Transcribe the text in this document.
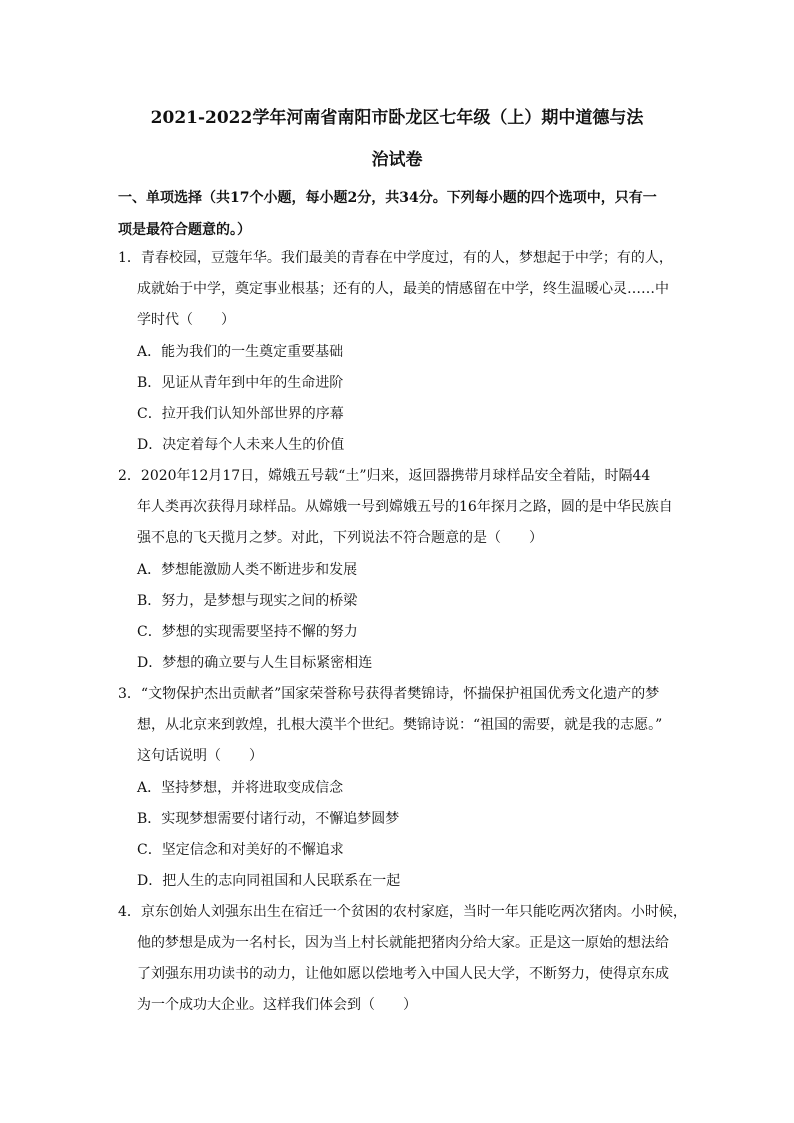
2021-2022学年河南省南阳市卧龙区七年级（上）期中道德与法
治试卷
一、单项选择（共17个小题，每小题2分，共34分。下列每小题的四个选项中，只有一
项是最符合题意的。）
1．青春校园，豆蔻年华。我们最美的青春在中学度过，有的人，梦想起于中学；有的人，
成就始于中学，奠定事业根基；还有的人，最美的情感留在中学，终生温暖心灵……中
学时代（　　）
A．能为我们的一生奠定重要基础
B．见证从青年到中年的生命进阶
C．拉开我们认知外部世界的序幕
D．决定着每个人未来人生的价值
2．2020年12月17日，嫦娥五号载“土”归来，返回器携带月球样品安全着陆，时隔44
年人类再次获得月球样品。从嫦娥一号到嫦娥五号的16年探月之路，圆的是中华民族自
强不息的飞天揽月之梦。对此，下列说法不符合题意的是（　　）
A．梦想能激励人类不断进步和发展
B．努力，是梦想与现实之间的桥梁
C．梦想的实现需要坚持不懈的努力
D．梦想的确立要与人生目标紧密相连
3．“文物保护杰出贡献者”国家荣誉称号获得者樊锦诗，怀揣保护祖国优秀文化遗产的梦
想，从北京来到敦煌，扎根大漠半个世纪。樊锦诗说：“祖国的需要，就是我的志愿。”
这句话说明（　　）
A．坚持梦想，并将进取变成信念
B．实现梦想需要付诸行动，不懈追梦圆梦
C．坚定信念和对美好的不懈追求
D．把人生的志向同祖国和人民联系在一起
4．京东创始人刘强东出生在宿迁一个贫困的农村家庭，当时一年只能吃两次猪肉。小时候，
他的梦想是成为一名村长，因为当上村长就能把猪肉分给大家。正是这一原始的想法给
了刘强东用功读书的动力，让他如愿以偿地考入中国人民大学，不断努力，使得京东成
为一个成功大企业。这样我们体会到（　　）
